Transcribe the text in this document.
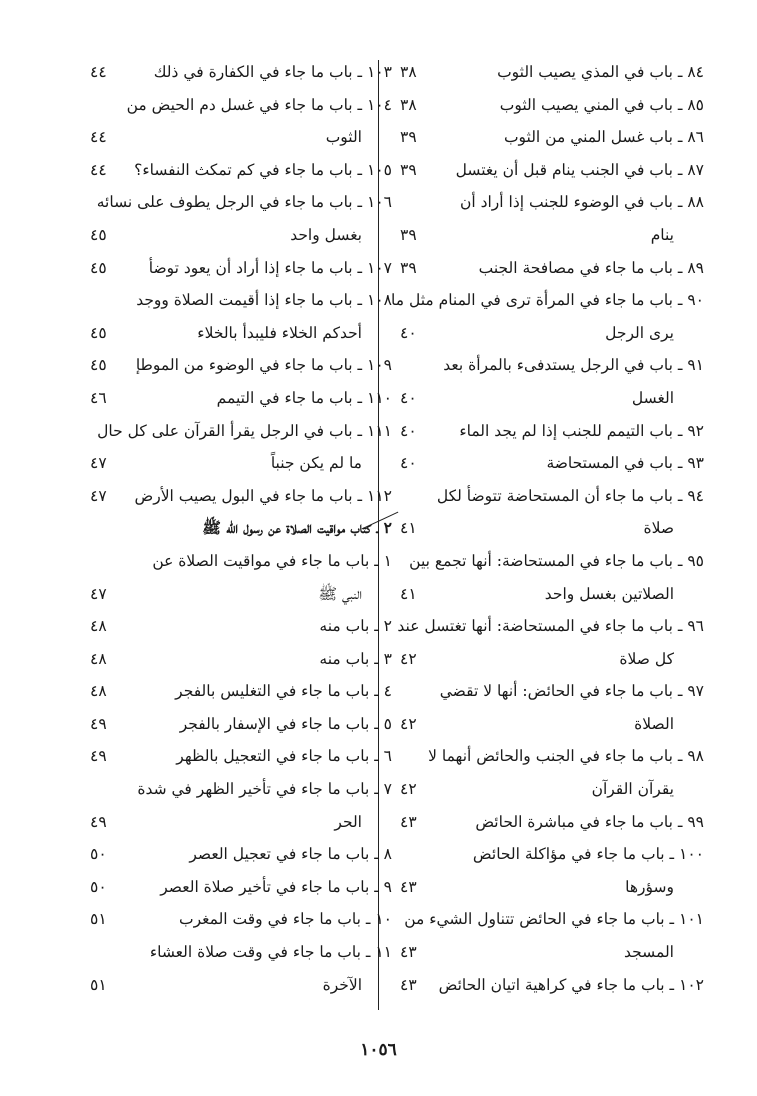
٨٤ ـ باب في المذي يصيب الثوب
٣٨
٨٥ ـ باب في المني يصيب الثوب
٣٨
٨٦ ـ باب غسل المني من الثوب
٣٩
٨٧ ـ باب في الجنب ينام قبل أن يغتسل
٣٩
٨٨ ـ باب في الوضوء للجنب إذا أراد أن
ينام
٣٩
٨٩ ـ باب ما جاء في مصافحة الجنب
٣٩
٩٠ ـ باب ما جاء في المرأة ترى في المنام مثل ما
يرى الرجل
٤٠
٩١ ـ باب في الرجل يستدفىء بالمرأة بعد
الغسل
٤٠
٩٢ ـ باب التيمم للجنب إذا لم يجد الماء
٤٠
٩٣ ـ باب في المستحاضة
٤٠
٩٤ ـ باب ما جاء أن المستحاضة تتوضأ لكل
صلاة
٤١
٩٥ ـ باب ما جاء في المستحاضة: أنها تجمع بين
الصلاتين بغسل واحد
٤١
٩٦ ـ باب ما جاء في المستحاضة: أنها تغتسل عند
كل صلاة
٤٢
٩٧ ـ باب ما جاء في الحائض: أنها لا تقضي
الصلاة
٤٢
٩٨ ـ باب ما جاء في الجنب والحائض أنهما لا
يقرآن القرآن
٤٢
٩٩ ـ باب ما جاء في مباشرة الحائض
٤٣
١٠٠ ـ باب ما جاء في مؤاكلة الحائض
وسؤرها
٤٣
١٠١ ـ باب ما جاء في الحائض تتناول الشيء من
المسجد
٤٣
١٠٢ ـ باب ما جاء في كراهية اتيان الحائض
٤٣
١٠٣ ـ باب ما جاء في الكفارة في ذلك
٤٤
١٠٤ ـ باب ما جاء في غسل دم الحيض من
الثوب
٤٤
١٠٥ ـ باب ما جاء في كم تمكث النفساء؟
٤٤
١٠٦ ـ باب ما جاء في الرجل يطوف على نسائه
بغسل واحد
٤٥
١٠٧ ـ باب ما جاء إذا أراد أن يعود توضأ
٤٥
١٠٨ ـ باب ما جاء إذا أقيمت الصلاة ووجد
أحدكم الخلاء فليبدأ بالخلاء
٤٥
١٠٩ ـ باب ما جاء في الوضوء من الموطإ
٤٥
١١٠ ـ باب ما جاء في التيمم
٤٦
١١١ ـ باب في الرجل يقرأ القرآن على كل حال
ما لم يكن جنباً
٤٧
١١٢ ـ باب ما جاء في البول يصيب الأرض
٤٧
٢ ـ كتاب مواقيت الصلاة عن رسول الله ﷺ
١ ـ باب ما جاء في مواقيت الصلاة عن
النبي ﷺ
٤٧
٢ ـ باب منه
٤٨
٣ ـ باب منه
٤٨
٤ ـ باب ما جاء في التغليس بالفجر
٤٨
٥ ـ باب ما جاء في الإسفار بالفجر
٤٩
٦ ـ باب ما جاء في التعجيل بالظهر
٤٩
٧ ـ باب ما جاء في تأخير الظهر في شدة
الحر
٤٩
٨ ـ باب ما جاء في تعجيل العصر
٥٠
٩ ـ باب ما جاء في تأخير صلاة العصر
٥٠
١٠ ـ باب ما جاء في وقت المغرب
٥١
١١ ـ باب ما جاء في وقت صلاة العشاء
الآخرة
٥١
١٠٥٦
